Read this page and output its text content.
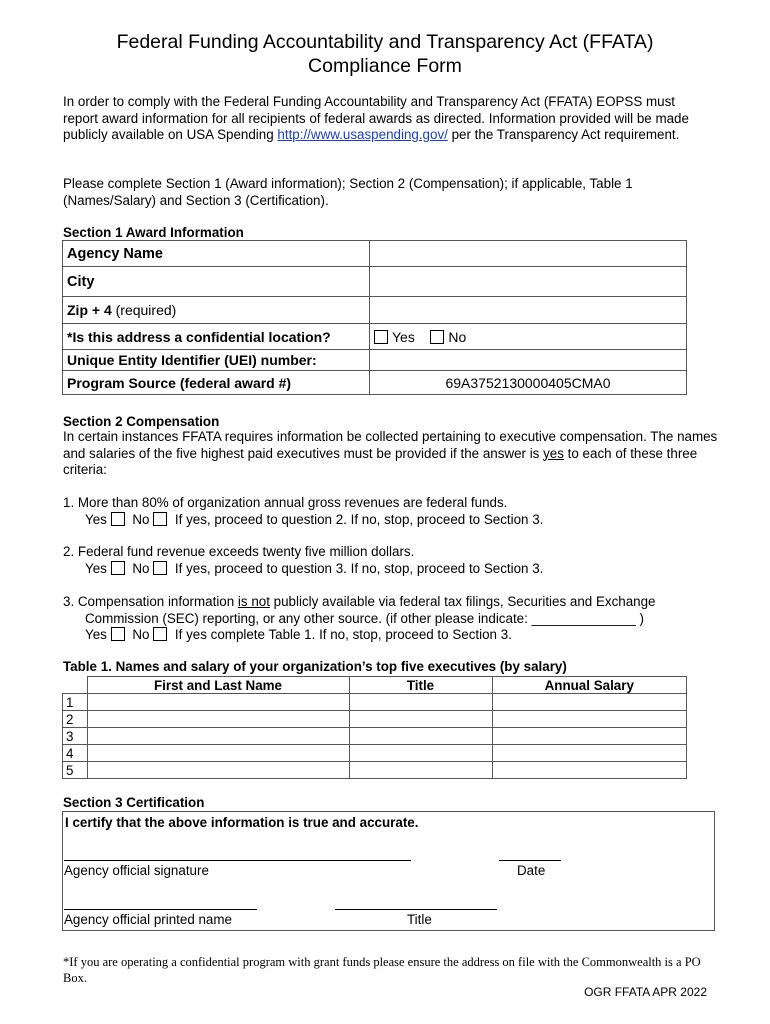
Federal Funding Accountability and Transparency Act (FFATA)
Compliance Form
In order to comply with the Federal Funding Accountability and Transparency Act (FFATA) EOPSS must report award information for all recipients of federal awards as directed. Information provided will be made publicly available on USA Spending http://www.usaspending.gov/ per the Transparency Act requirement.
Please complete Section 1 (Award information); Section 2 (Compensation); if applicable, Table 1 (Names/Salary) and Section 3 (Certification).
Section 1 Award Information
Agency Name	
City	
Zip + 4 (required)	
*Is this address a confidential location?	Yes No
Unique Entity Identifier (UEI) number:	
Program Source (federal award #)	69A3752130000405CMA0
Section 2 Compensation
In certain instances FFATA requires information be collected pertaining to executive compensation. The names and salaries of the five highest paid executives must be provided if the answer is yes to each of these three criteria:
1. More than 80% of organization annual gross revenues are federal funds.
Yes No If yes, proceed to question 2. If no, stop, proceed to Section 3.
2. Federal fund revenue exceeds twenty five million dollars.
Yes No If yes, proceed to question 3. If no, stop, proceed to Section 3.
3. Compensation information is not publicly available via federal tax filings, Securities and Exchange
Commission (SEC) reporting, or any other source. (if other please indicate: ______________ )
Yes No If yes complete Table 1. If no, stop, proceed to Section 3.
Table 1. Names and salary of your organization’s top five executives (by salary)
	First and Last Name	Title	Annual Salary
1			
2			
3			
4			
5			
Section 3 Certification
I certify that the above information is true and accurate.
Agency official signature	Date
Agency official printed name	Title
*If you are operating a confidential program with grant funds please ensure the address on file with the Commonwealth is a PO Box.
OGR FFATA APR 2022
